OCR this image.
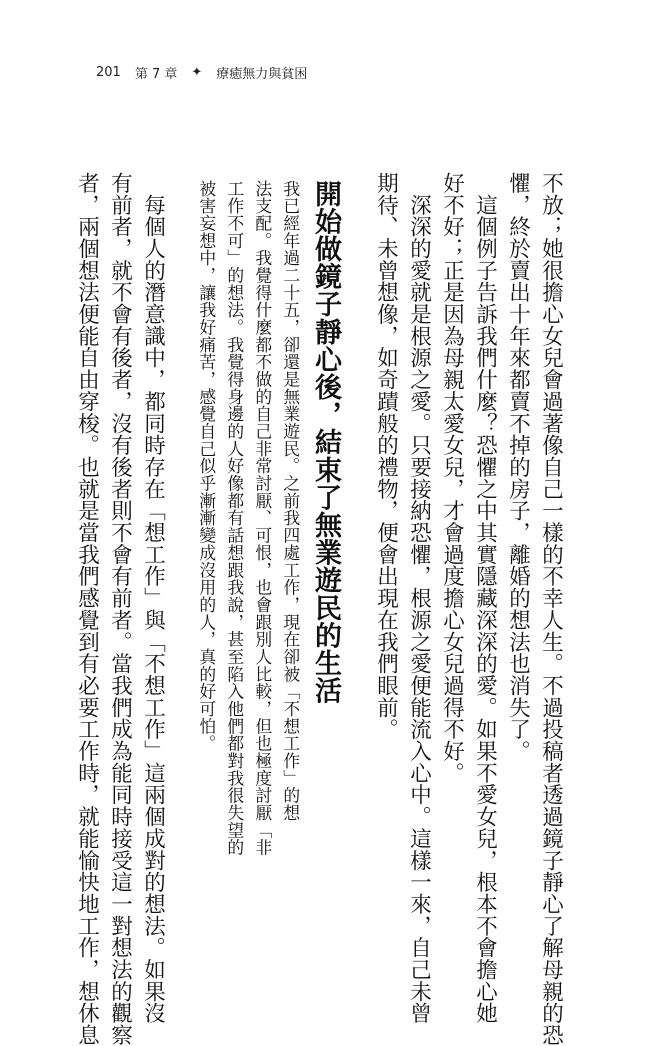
201 第 7 章 ✦ 療癒無力與貧困
不放；她很擔心女兒會過著像自己一樣的不幸人生。不過投稿者透過鏡子靜心了解母親的恐
懼，終於賣出十年來都賣不掉的房子，離婚的想法也消失了。
　這個例子告訴我們什麼？恐懼之中其實隱藏深深的愛。如果不愛女兒，根本不會擔心她
好不好；正是因為母親太愛女兒，才會過度擔心女兒過得不好。
　深深的愛就是根源之愛。只要接納恐懼，根源之愛便能流入心中。這樣一來，自己未曾
期待、未曾想像，如奇蹟般的禮物，便會出現在我們眼前。
開始做鏡子靜心後，結束了無業遊民的生活
我已經年過二十五，卻還是無業遊民。之前我四處工作，現在卻被「不想工作」的想
法支配。我覺得什麼都不做的自己非常討厭、可恨，也會跟別人比較，但也極度討厭「非
工作不可」的想法。我覺得身邊的人好像都有話想跟我說，甚至陷入他們都對我很失望的
被害妄想中，讓我好痛苦，感覺自己似乎漸漸變成沒用的人，真的好可怕。
　每個人的潛意識中，都同時存在「想工作」與「不想工作」這兩個成對的想法。如果沒
有前者，就不會有後者，沒有後者則不會有前者。當我們成為能同時接受這一對想法的觀察
者，兩個想法便能自由穿梭。也就是當我們感覺到有必要工作時，就能愉快地工作，想休息
